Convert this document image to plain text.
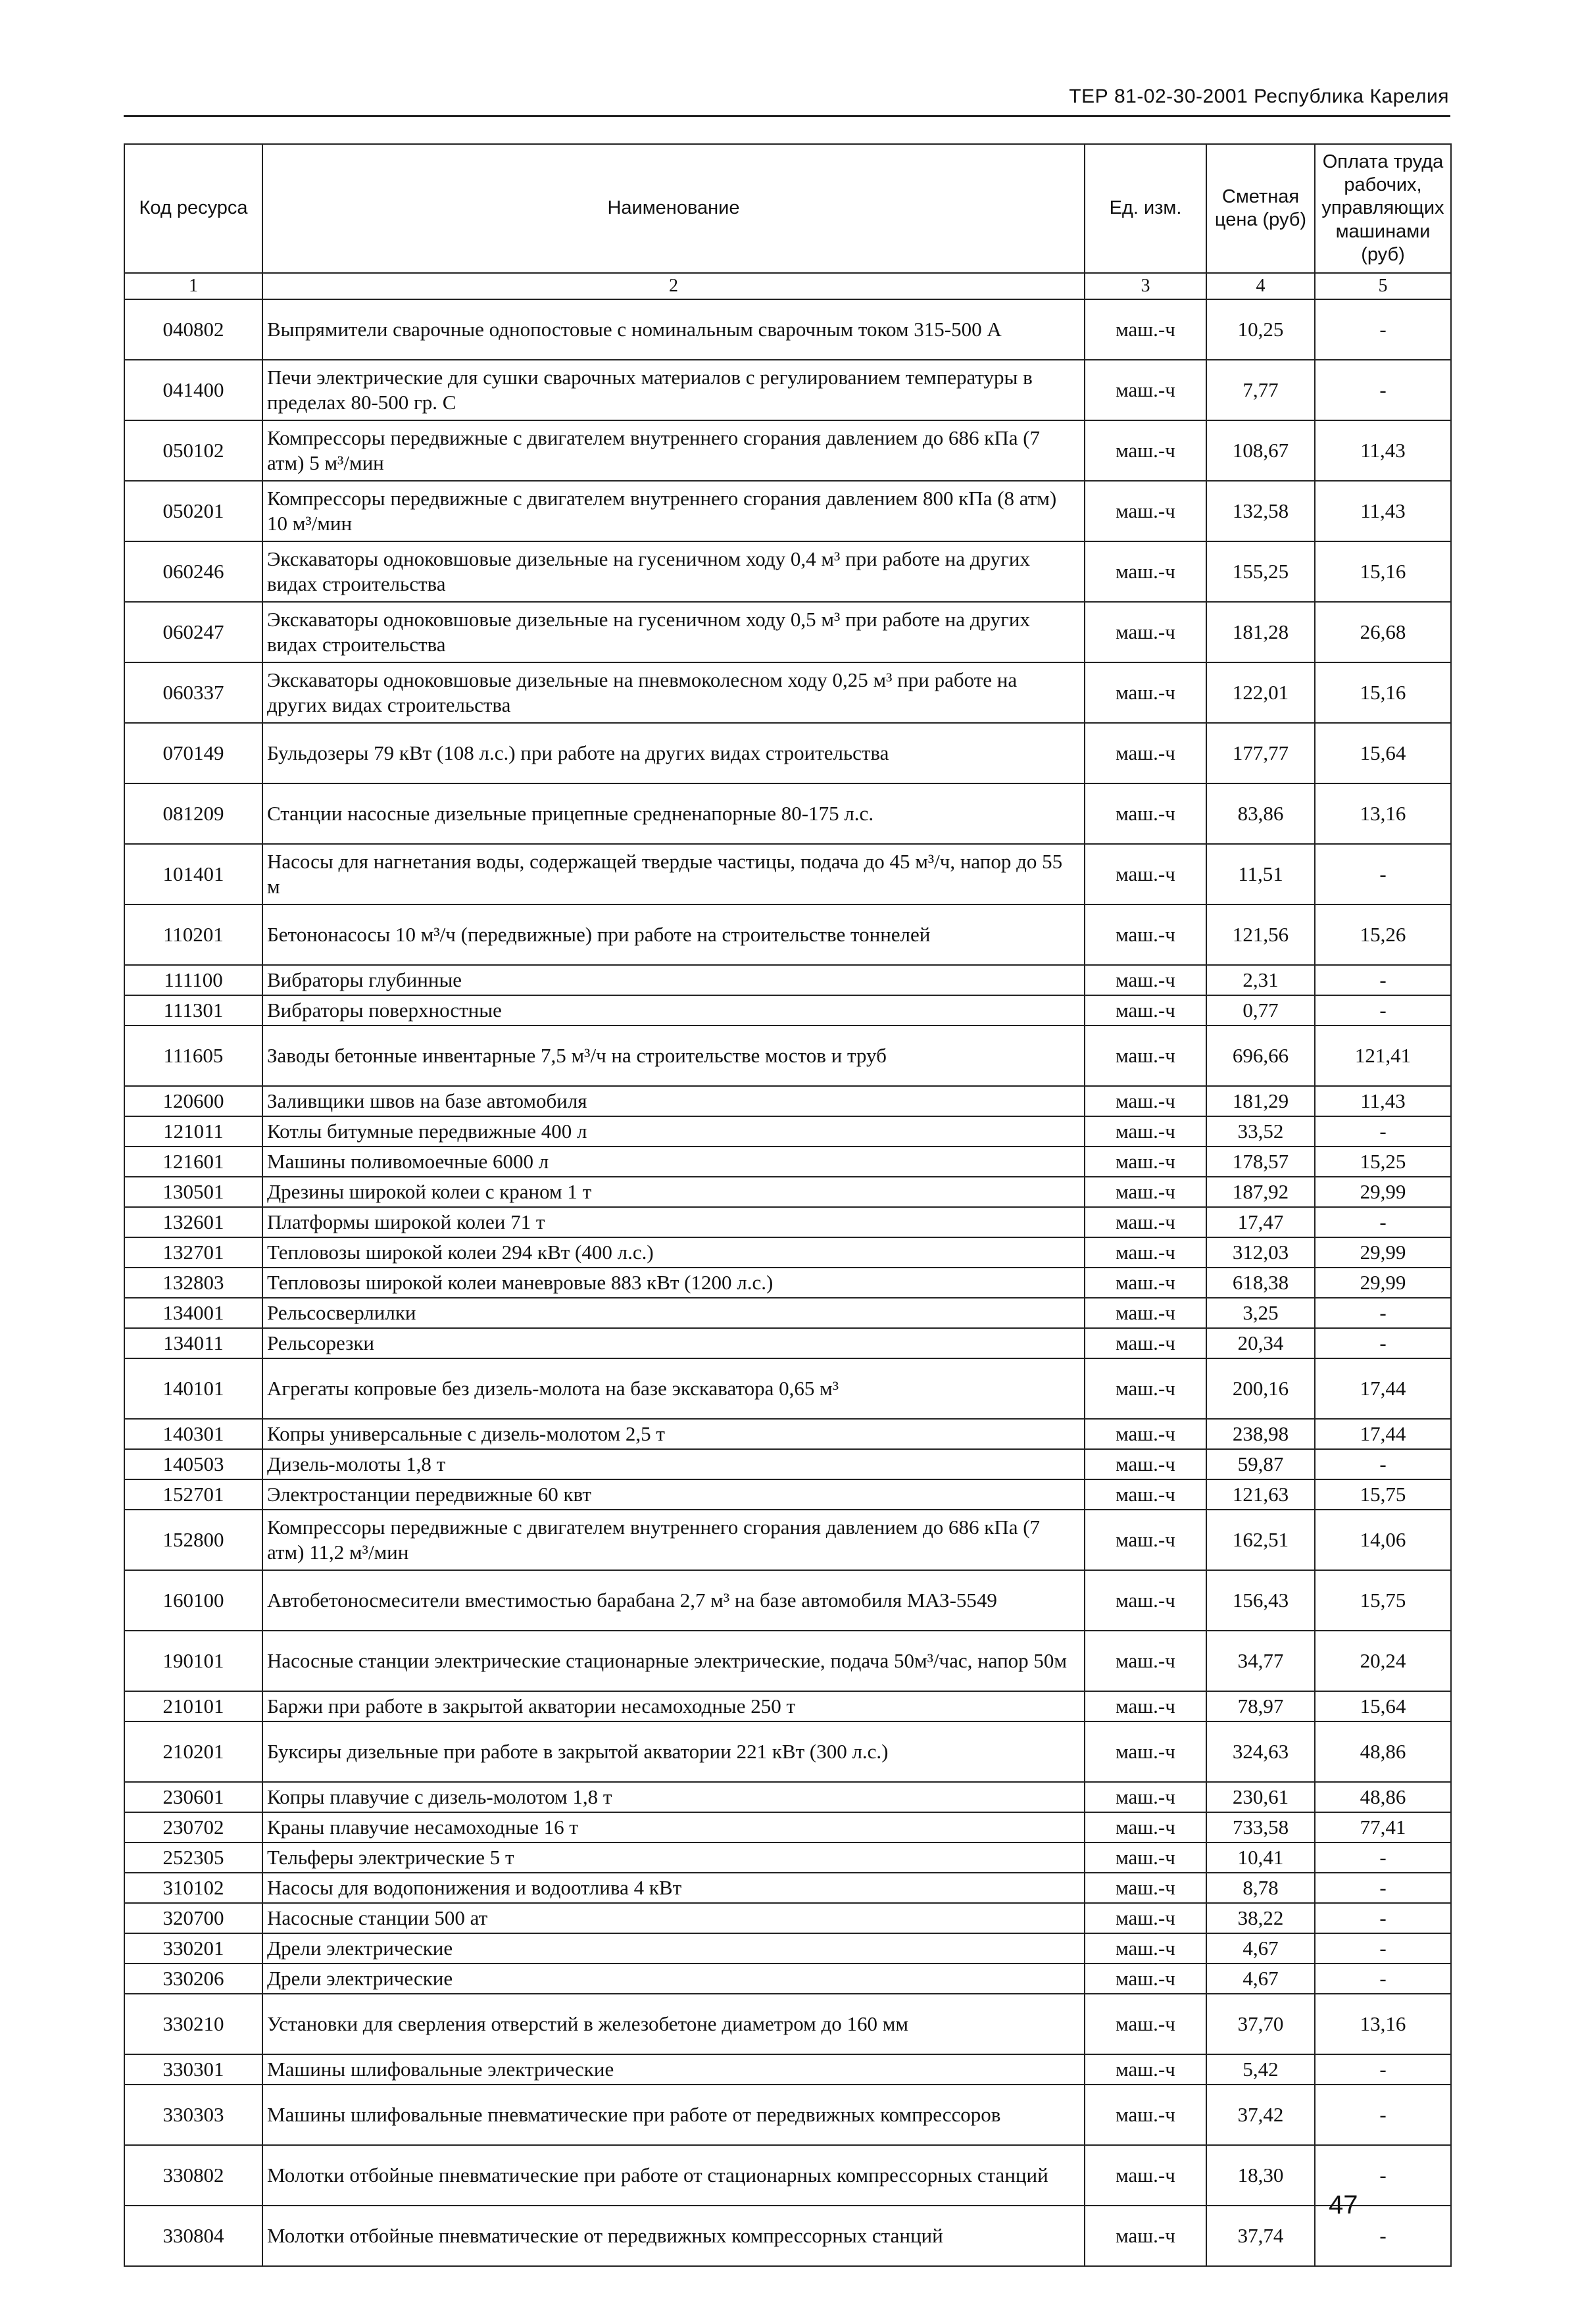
ТЕР 81-02-30-2001 Республика Карелия
Код ресурса	Наименование	Ед. изм.	Сметная цена (руб)	Оплата труда рабочих, управляющих машинами (руб)
1	2	3	4	5
040802	Выпрямители сварочные однопостовые с номинальным сварочным током 315-500 А	маш.-ч	10,25	-
041400	Печи электрические для сушки сварочных материалов с регулированием температуры в пределах 80-500 гр. С	маш.-ч	7,77	-
050102	Компрессоры передвижные с двигателем внутреннего сгорания давлением до 686 кПа (7 атм) 5 м³/мин	маш.-ч	108,67	11,43
050201	Компрессоры передвижные с двигателем внутреннего сгорания давлением 800 кПа (8 атм) 10 м³/мин	маш.-ч	132,58	11,43
060246	Экскаваторы одноковшовые дизельные на гусеничном ходу 0,4 м³ при работе на других видах строительства	маш.-ч	155,25	15,16
060247	Экскаваторы одноковшовые дизельные на гусеничном ходу 0,5 м³ при работе на других видах строительства	маш.-ч	181,28	26,68
060337	Экскаваторы одноковшовые дизельные на пневмоколесном ходу 0,25 м³ при работе на других видах строительства	маш.-ч	122,01	15,16
070149	Бульдозеры 79 кВт (108 л.с.) при работе на других видах строительства	маш.-ч	177,77	15,64
081209	Станции насосные дизельные прицепные средненапорные 80-175 л.с.	маш.-ч	83,86	13,16
101401	Насосы для нагнетания воды, содержащей твердые частицы, подача до 45 м³/ч, напор до 55 м	маш.-ч	11,51	-
110201	Бетононасосы 10 м³/ч (передвижные) при работе на строительстве тоннелей	маш.-ч	121,56	15,26
111100	Вибраторы глубинные	маш.-ч	2,31	-
111301	Вибраторы поверхностные	маш.-ч	0,77	-
111605	Заводы бетонные инвентарные 7,5 м³/ч на строительстве мостов и труб	маш.-ч	696,66	121,41
120600	Заливщики швов на базе автомобиля	маш.-ч	181,29	11,43
121011	Котлы битумные передвижные 400 л	маш.-ч	33,52	-
121601	Машины поливомоечные 6000 л	маш.-ч	178,57	15,25
130501	Дрезины широкой колеи с краном 1 т	маш.-ч	187,92	29,99
132601	Платформы широкой колеи 71 т	маш.-ч	17,47	-
132701	Тепловозы широкой колеи 294 кВт (400 л.с.)	маш.-ч	312,03	29,99
132803	Тепловозы широкой колеи маневровые 883 кВт (1200 л.с.)	маш.-ч	618,38	29,99
134001	Рельсосверлилки	маш.-ч	3,25	-
134011	Рельсорезки	маш.-ч	20,34	-
140101	Агрегаты копровые без дизель-молота на базе экскаватора 0,65 м³	маш.-ч	200,16	17,44
140301	Копры универсальные с дизель-молотом 2,5 т	маш.-ч	238,98	17,44
140503	Дизель-молоты 1,8 т	маш.-ч	59,87	-
152701	Электростанции передвижные 60 квт	маш.-ч	121,63	15,75
152800	Компрессоры передвижные с двигателем внутреннего сгорания давлением до 686 кПа (7 атм) 11,2 м³/мин	маш.-ч	162,51	14,06
160100	Автобетоносмесители вместимостью барабана 2,7 м³ на базе автомобиля МАЗ-5549	маш.-ч	156,43	15,75
190101	Насосные станции электрические стационарные электрические, подача 50м³/час, напор 50м	маш.-ч	34,77	20,24
210101	Баржи при работе в закрытой акватории несамоходные 250 т	маш.-ч	78,97	15,64
210201	Буксиры дизельные при работе в закрытой акватории 221 кВт (300 л.с.)	маш.-ч	324,63	48,86
230601	Копры плавучие с дизель-молотом 1,8 т	маш.-ч	230,61	48,86
230702	Краны плавучие несамоходные 16 т	маш.-ч	733,58	77,41
252305	Тельферы электрические 5 т	маш.-ч	10,41	-
310102	Насосы для водопонижения и водоотлива 4 кВт	маш.-ч	8,78	-
320700	Насосные станции 500 ат	маш.-ч	38,22	-
330201	Дрели электрические	маш.-ч	4,67	-
330206	Дрели электрические	маш.-ч	4,67	-
330210	Установки для сверления отверстий в железобетоне диаметром до 160 мм	маш.-ч	37,70	13,16
330301	Машины шлифовальные электрические	маш.-ч	5,42	-
330303	Машины шлифовальные пневматические при работе от передвижных компрессоров	маш.-ч	37,42	-
330802	Молотки отбойные пневматические при работе от стационарных компрессорных станций	маш.-ч	18,30	-
330804	Молотки отбойные пневматические от передвижных компрессорных станций	маш.-ч	37,74	-
47
